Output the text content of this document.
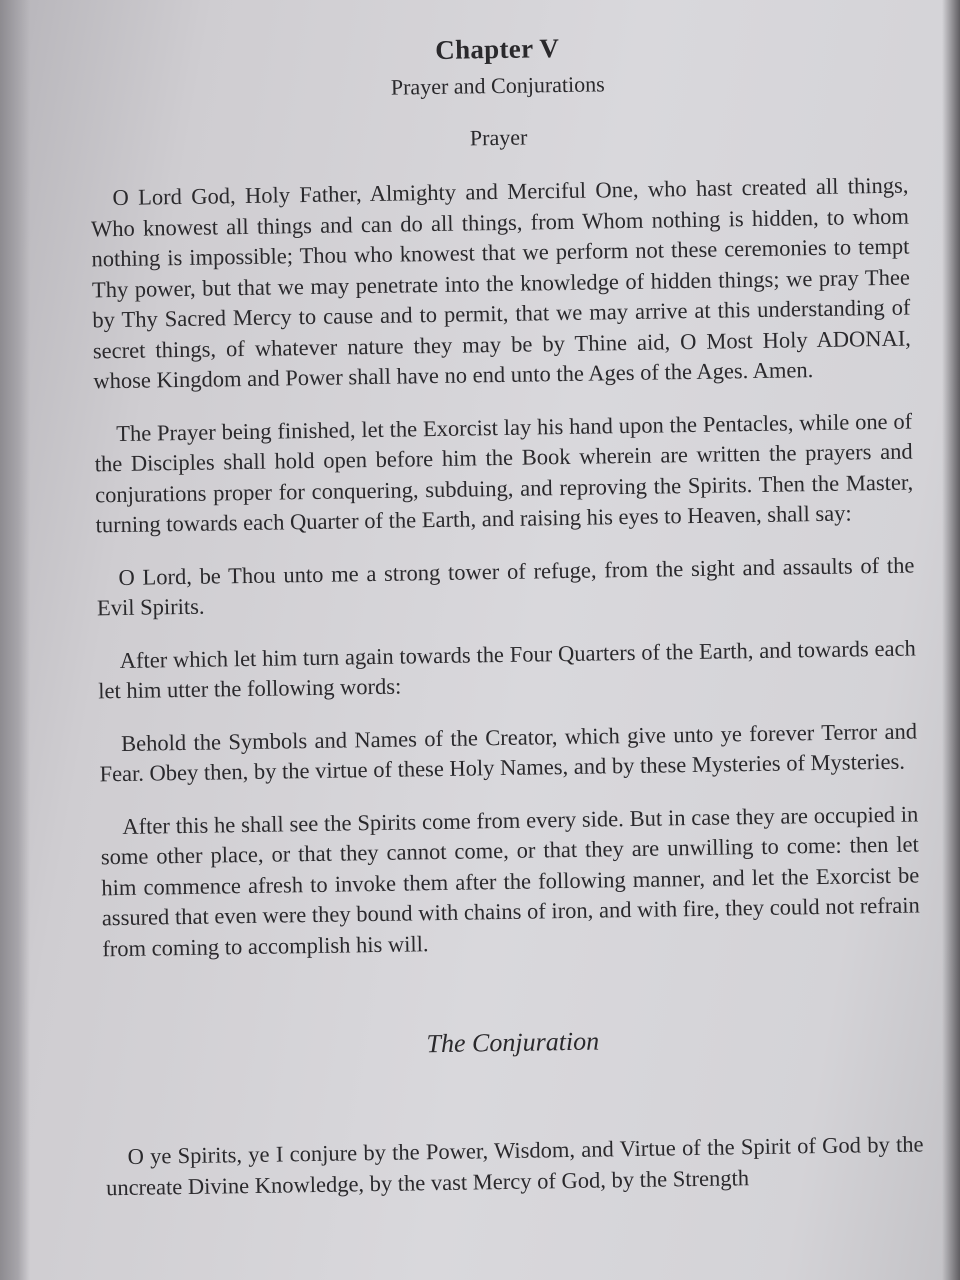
Chapter V
Prayer and Conjurations
Prayer

O Lord God, Holy Father, Almighty and Merciful One, who hast created all things, Who knowest all things and can do all things, from Whom nothing is hidden, to whom nothing is impossible; Thou who knowest that we perform not these ceremonies to tempt Thy power, but that we may penetrate into the knowledge of hidden things; we pray Thee by Thy Sacred Mercy to cause and to permit, that we may arrive at this understanding of secret things, of whatever nature they may be by Thine aid, O Most Holy ADONAI, whose Kingdom and Power shall have no end unto the Ages of the Ages. Amen.

The Prayer being finished, let the Exorcist lay his hand upon the Pentacles, while one of the Disciples shall hold open before him the Book wherein are written the prayers and conjurations proper for conquering, subduing, and reproving the Spirits. Then the Master, turning towards each Quarter of the Earth, and raising his eyes to Heaven, shall say:

O Lord, be Thou unto me a strong tower of refuge, from the sight and assaults of the Evil Spirits.

After which let him turn again towards the Four Quarters of the Earth, and towards each let him utter the following words:

Behold the Symbols and Names of the Creator, which give unto ye forever Terror and Fear. Obey then, by the virtue of these Holy Names, and by these Mysteries of Mysteries.

After this he shall see the Spirits come from every side. But in case they are occupied in some other place, or that they cannot come, or that they are unwilling to come: then let him commence afresh to invoke them after the following manner, and let the Exorcist be assured that even were they bound with chains of iron, and with fire, they could not refrain from coming to accomplish his will.

The Conjuration

O ye Spirits, ye I conjure by the Power, Wisdom, and Virtue of the Spirit of God by the uncreate Divine Knowledge, by the vast Mercy of God, by the Strength
